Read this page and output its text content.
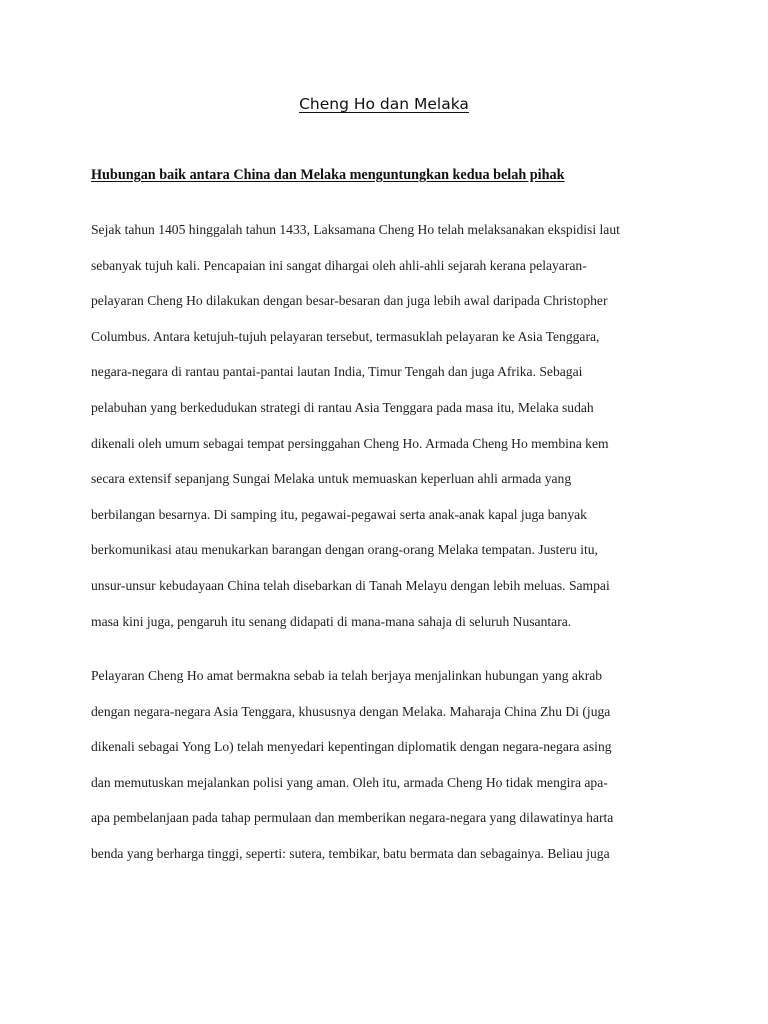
Cheng Ho dan Melaka
Hubungan baik antara China dan Melaka menguntungkan kedua belah pihak
Sejak tahun 1405 hinggalah tahun 1433, Laksamana Cheng Ho telah melaksanakan ekspidisi laut
sebanyak tujuh kali. Pencapaian ini sangat dihargai oleh ahli-ahli sejarah kerana pelayaran-
pelayaran Cheng Ho dilakukan dengan besar-besaran dan juga lebih awal daripada Christopher
Columbus. Antara ketujuh-tujuh pelayaran tersebut, termasuklah pelayaran ke Asia Tenggara,
negara-negara di rantau pantai-pantai lautan India, Timur Tengah dan juga Afrika. Sebagai
pelabuhan yang berkedudukan strategi di rantau Asia Tenggara pada masa itu, Melaka sudah
dikenali oleh umum sebagai tempat persinggahan Cheng Ho. Armada Cheng Ho membina kem
secara extensif sepanjang Sungai Melaka untuk memuaskan keperluan ahli armada yang
berbilangan besarnya. Di samping itu, pegawai-pegawai serta anak-anak kapal juga banyak
berkomunikasi atau menukarkan barangan dengan orang-orang Melaka tempatan. Justeru itu,
unsur-unsur kebudayaan China telah disebarkan di Tanah Melayu dengan lebih meluas. Sampai
masa kini juga, pengaruh itu senang didapati di mana-mana sahaja di seluruh Nusantara.
Pelayaran Cheng Ho amat bermakna sebab ia telah berjaya menjalinkan hubungan yang akrab
dengan negara-negara Asia Tenggara, khususnya dengan Melaka. Maharaja China Zhu Di (juga
dikenali sebagai Yong Lo) telah menyedari kepentingan diplomatik dengan negara-negara asing
dan memutuskan mejalankan polisi yang aman. Oleh itu, armada Cheng Ho tidak mengira apa-
apa pembelanjaan pada tahap permulaan dan memberikan negara-negara yang dilawatinya harta
benda yang berharga tinggi, seperti: sutera, tembikar, batu bermata dan sebagainya. Beliau juga
